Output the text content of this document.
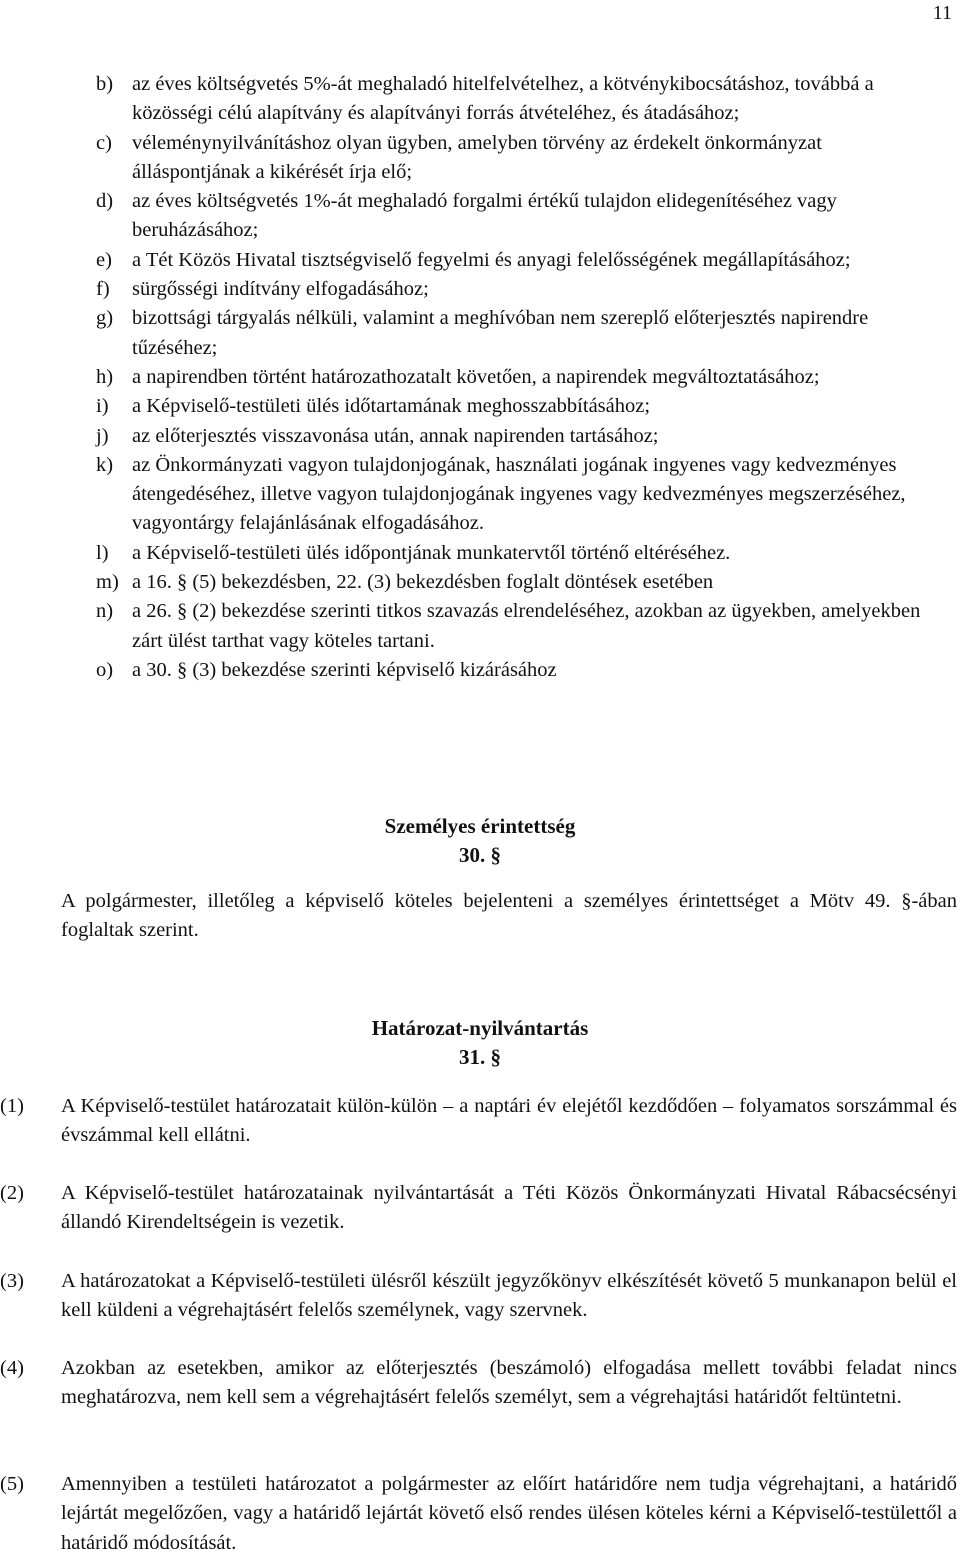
11
b) az éves költségvetés 5%-át meghaladó hitelfelvételhez, a kötvénykibocsátáshoz, továbbá a közösségi célú alapítvány és alapítványi forrás átvételéhez, és átadásához;
c) véleménynyilvánításhoz olyan ügyben, amelyben törvény az érdekelt önkormányzat álláspontjának a kikérését írja elő;
d) az éves költségvetés 1%-át meghaladó forgalmi értékű tulajdon elidegenítéséhez vagy beruházásához;
e) a Tét Közös Hivatal tisztségviselő fegyelmi és anyagi felelősségének megállapításához;
f)	sürgősségi indítvány elfogadásához;
g) bizottsági tárgyalás nélküli, valamint a meghívóban nem szereplő előterjesztés napirendre tűzéséhez;
h) a napirendben történt határozathozatalt követően, a napirendek megváltoztatásához;
i)	a Képviselő-testületi ülés időtartamának meghosszabbításához;
j)	az előterjesztés visszavonása után, annak napirenden tartásához;
k) az Önkormányzati vagyon tulajdonjogának, használati jogának ingyenes vagy kedvezményes átengedéséhez, illetve vagyon tulajdonjogának ingyenes vagy kedvezményes megszerzéséhez, vagyontárgy felajánlásának elfogadásához.
l)	a Képviselő-testületi ülés időpontjának munkatervtől történő eltéréséhez.
m) a 16. § (5) bekezdésben, 22. (3) bekezdésben foglalt döntések esetében
n) a 26. § (2) bekezdése szerinti titkos szavazás elrendeléséhez, azokban az ügyekben, amelyekben zárt ülést tarthat vagy köteles tartani.
o) a 30. § (3) bekezdése szerinti képviselő kizárásához
Személyes érintettség
30. §
A polgármester, illetőleg a képviselő köteles bejelenteni a személyes érintettséget a Mötv 49. §-ában foglaltak szerint.
Határozat-nyilvántartás
31. §
(1)	A Képviselő-testület határozatait külön-külön – a naptári év elejétől kezdődően – folyamatos sorszámmal és évszámmal kell ellátni.
(2)	A Képviselő-testület határozatainak nyilvántartását a Téti Közös Önkormányzati Hivatal Rábacsécsényi állandó Kirendeltségein is vezetik.
(3)	A határozatokat a Képviselő-testületi ülésről készült jegyzőkönyv elkészítését követő 5 munkanapon belül el kell küldeni a végrehajtásért felelős személynek, vagy szervnek.
(4)	Azokban az esetekben, amikor az előterjesztés (beszámoló) elfogadása mellett további feladat nincs meghatározva, nem kell sem a végrehajtásért felelős személyt, sem a végrehajtási határidőt feltüntetni.
(5)	Amennyiben a testületi határozatot a polgármester az előírt határidőre nem tudja végrehajtani, a határidő lejártát megelőzően, vagy a határidő lejártát követő első rendes ülésen köteles kérni a Képviselő-testülettől a határidő módosítását.
